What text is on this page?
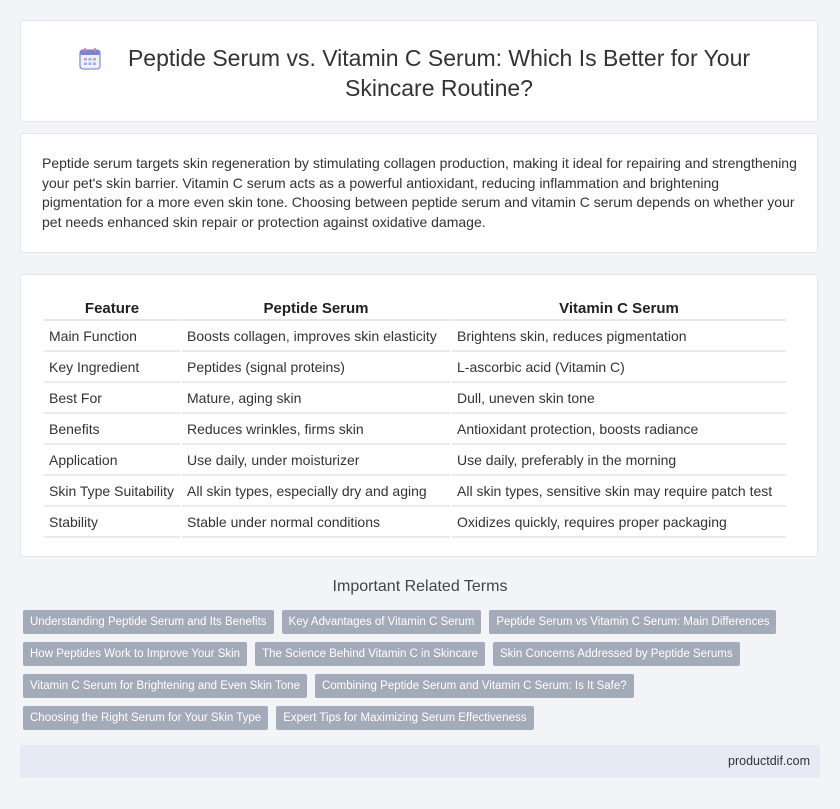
Peptide Serum vs. Vitamin C Serum: Which Is Better for Your Skincare Routine?

Peptide serum targets skin regeneration by stimulating collagen production, making it ideal for repairing and strengthening your pet's skin barrier. Vitamin C serum acts as a powerful antioxidant, reducing inflammation and brightening pigmentation for a more even skin tone. Choosing between peptide serum and vitamin C serum depends on whether your pet needs enhanced skin repair or protection against oxidative damage.

Feature	Peptide Serum	Vitamin C Serum
Main Function	Boosts collagen, improves skin elasticity	Brightens skin, reduces pigmentation
Key Ingredient	Peptides (signal proteins)	L-ascorbic acid (Vitamin C)
Best For	Mature, aging skin	Dull, uneven skin tone
Benefits	Reduces wrinkles, firms skin	Antioxidant protection, boosts radiance
Application	Use daily, under moisturizer	Use daily, preferably in the morning
Skin Type Suitability	All skin types, especially dry and aging	All skin types, sensitive skin may require patch test
Stability	Stable under normal conditions	Oxidizes quickly, requires proper packaging
Important Related Terms
Understanding Peptide Serum and Its Benefits	Key Advantages of Vitamin C Serum	Peptide Serum vs Vitamin C Serum: Main Differences
How Peptides Work to Improve Your Skin	The Science Behind Vitamin C in Skincare	Skin Concerns Addressed by Peptide Serums
Vitamin C Serum for Brightening and Even Skin Tone	Combining Peptide Serum and Vitamin C Serum: Is It Safe?
Choosing the Right Serum for Your Skin Type	Expert Tips for Maximizing Serum Effectiveness
productdif.com
